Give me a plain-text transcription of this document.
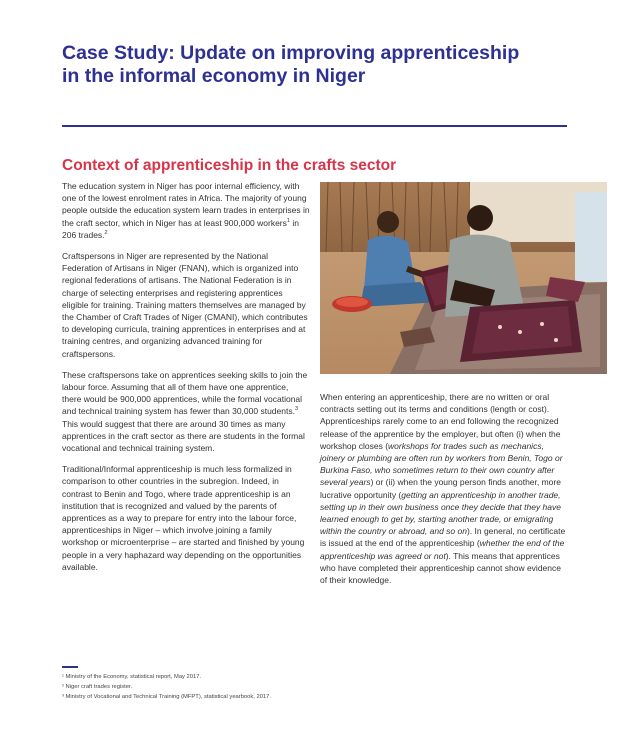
Case Study: Update on improving apprenticeship in the informal economy in Niger
Context of apprenticeship in the crafts sector

The education system in Niger has poor internal efficiency, with one of the lowest enrolment rates in Africa. The majority of young people outside the education system learn trades in enterprises in the craft sector, which in Niger has at least 900,000 workers$^1$ in 206 trades.$^2$

Craftspersons in Niger are represented by the National Federation of Artisans in Niger (FNAN), which is organized into regional federations of artisans. The National Federation is in charge of selecting enterprises and registering apprentices eligible for training. Training matters themselves are managed by the Chamber of Craft Trades of Niger (CMANI), which contributes to developing curricula, training apprentices in enterprises and at training centres, and organizing advanced training for craftspersons.

These craftspersons take on apprentices seeking skills to join the labour force. Assuming that all of them have one apprentice, there would be 900,000 apprentices, while the formal vocational and technical training system has fewer than 30,000 students.$^3$ This would suggest that there are around 30 times as many apprentices in the craft sector as there are students in the formal vocational and technical training system.

Traditional/Informal apprenticeship is much less formalized in comparison to other countries in the subregion. Indeed, in contrast to Benin and Togo, where trade apprenticeship is an institution that is recognized and valued by the parents of apprentices as a way to prepare for entry into the labour force, apprenticeships in Niger – which involve joining a family workshop or microenterprise – are started and finished by young people in a very haphazard way depending on the opportunities available.

When entering an apprenticeship, there are no written or oral contracts setting out its terms and conditions (length or cost). Apprenticeships rarely come to an end following the recognized release of the apprentice by the employer, but often (i) when the workshop closes (workshops for trades such as mechanics, joinery or plumbing are often run by workers from Benin, Togo or Burkina Faso, who sometimes return to their own country after several years) or (ii) when the young person finds another, more lucrative opportunity (getting an apprenticeship in another trade, setting up in their own business once they decide that they have learned enough to get by, starting another trade, or emigrating within the country or abroad, and so on). In general, no certificate is issued at the end of the apprenticeship (whether the end of the apprenticeship was agreed or not). This means that apprentices who have completed their apprenticeship cannot show evidence of their knowledge.

¹ Ministry of the Economy, statistical report, May 2017.

² Niger craft trades register.

³ Ministry of Vocational and Technical Training (MFPT), statistical yearbook, 2017.
